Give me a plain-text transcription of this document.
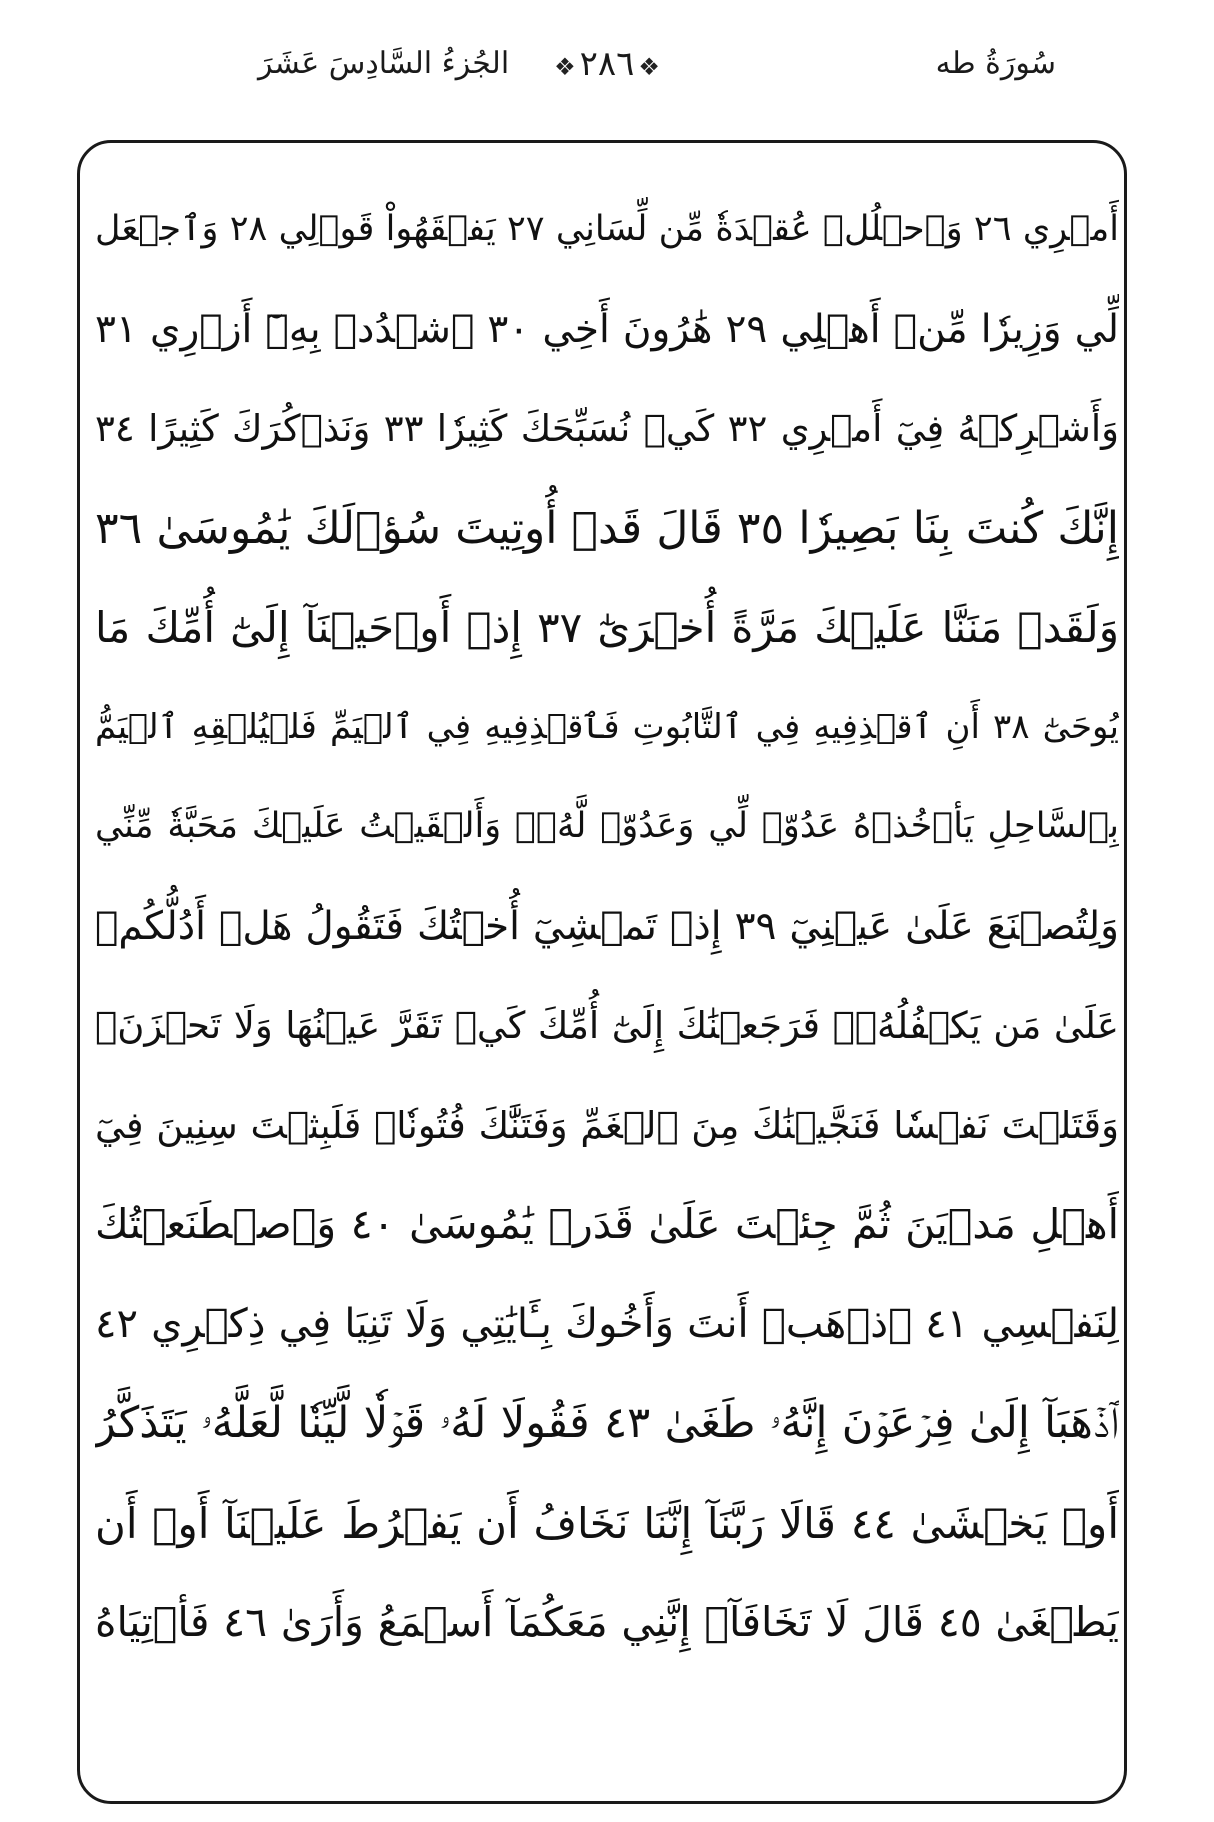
سُورَةُ طه
❖٢٨٦❖
الجُزءُ السَّادِسَ عَشَرَ
أَمۡرِي ٢٦ وَٱحۡلُلۡ عُقۡدَةٗ مِّن لِّسَانِي ٢٧ يَفۡقَهُواْ قَوۡلِي ٢٨ وَٱجۡعَل
لِّي وَزِيرٗا مِّنۡ أَهۡلِي ٢٩ هَٰرُونَ أَخِي ٣٠ ٱشۡدُدۡ بِهِۦٓ أَزۡرِي ٣١
وَأَشۡرِكۡهُ فِيٓ أَمۡرِي ٣٢ كَيۡ نُسَبِّحَكَ كَثِيرٗا ٣٣ وَنَذۡكُرَكَ كَثِيرًا ٣٤
إِنَّكَ كُنتَ بِنَا بَصِيرٗا ٣٥ قَالَ قَدۡ أُوتِيتَ سُؤۡلَكَ يَٰمُوسَىٰ ٣٦
وَلَقَدۡ مَنَنَّا عَلَيۡكَ مَرَّةً أُخۡرَىٰٓ ٣٧ إِذۡ أَوۡحَيۡنَآ إِلَىٰٓ أُمِّكَ مَا
يُوحَىٰٓ ٣٨ أَنِ ٱقۡذِفِيهِ فِي ٱلتَّابُوتِ فَٱقۡذِفِيهِ فِي ٱلۡيَمِّ فَلۡيُلۡقِهِ ٱلۡيَمُّ
بِٱلسَّاحِلِ يَأۡخُذۡهُ عَدُوّٞ لِّي وَعَدُوّٞ لَّهُۥۚ وَأَلۡقَيۡتُ عَلَيۡكَ مَحَبَّةٗ مِّنِّي
وَلِتُصۡنَعَ عَلَىٰ عَيۡنِيٓ ٣٩ إِذۡ تَمۡشِيٓ أُخۡتُكَ فَتَقُولُ هَلۡ أَدُلُّكُمۡ
عَلَىٰ مَن يَكۡفُلُهُۥۖ فَرَجَعۡنَٰكَ إِلَىٰٓ أُمِّكَ كَيۡ تَقَرَّ عَيۡنُهَا وَلَا تَحۡزَنَۚ
وَقَتَلۡتَ نَفۡسٗا فَنَجَّيۡنَٰكَ مِنَ ٱلۡغَمِّ وَفَتَنَّٰكَ فُتُونٗاۚ فَلَبِثۡتَ سِنِينَ فِيٓ
أَهۡلِ مَدۡيَنَ ثُمَّ جِئۡتَ عَلَىٰ قَدَرٖ يَٰمُوسَىٰ ٤٠ وَٱصۡطَنَعۡتُكَ
لِنَفۡسِي ٤١ ٱذۡهَبۡ أَنتَ وَأَخُوكَ بِـَٔايَٰتِي وَلَا تَنِيَا فِي ذِكۡرِي ٤٢
ٱذۡهَبَآ إِلَىٰ فِرۡعَوۡنَ إِنَّهُۥ طَغَىٰ ٤٣ فَقُولَا لَهُۥ قَوۡلٗا لَّيِّنٗا لَّعَلَّهُۥ يَتَذَكَّرُ
أَوۡ يَخۡشَىٰ ٤٤ قَالَا رَبَّنَآ إِنَّنَا نَخَافُ أَن يَفۡرُطَ عَلَيۡنَآ أَوۡ أَن
يَطۡغَىٰ ٤٥ قَالَ لَا تَخَافَآۖ إِنَّنِي مَعَكُمَآ أَسۡمَعُ وَأَرَىٰ ٤٦ فَأۡتِيَاهُ
